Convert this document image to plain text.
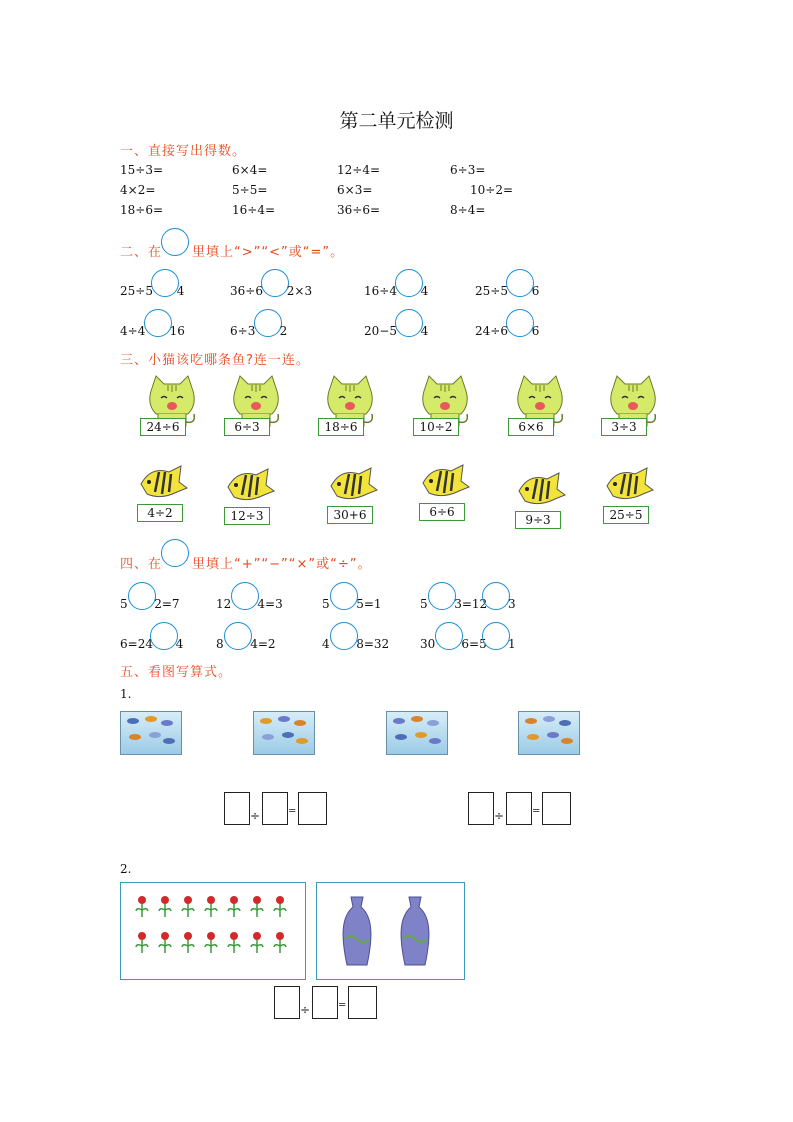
第二单元检测
一、直接写出得数。
15÷3=	6×4=	12÷4=	6÷3=
4×2=	5÷5=	6×3=	10÷2=
18÷6=	16÷4=	36÷6=	8÷4=
二、在 里填上“>”“<”或“=”。
25÷5 4	36÷6 2×3	16÷4 4	25÷5 6
4÷4 16	6÷3 2	20−5 4	24÷6 6
三、小猫该吃哪条鱼?连一连。
24÷6	6÷3	18÷6	10÷2	6×6	3÷3
4÷2	12÷3	30+6	6÷6
9÷3	25÷5
四、在 里填上“+”“−”“×”或“÷”。
5 2=7	12 4=3	5 5=1	5 3=12 3
6=24 4	8 4=2	4 8=32	30 6=5 1
五、看图写算式。
1.
÷	=	÷	=
2.
÷	=
